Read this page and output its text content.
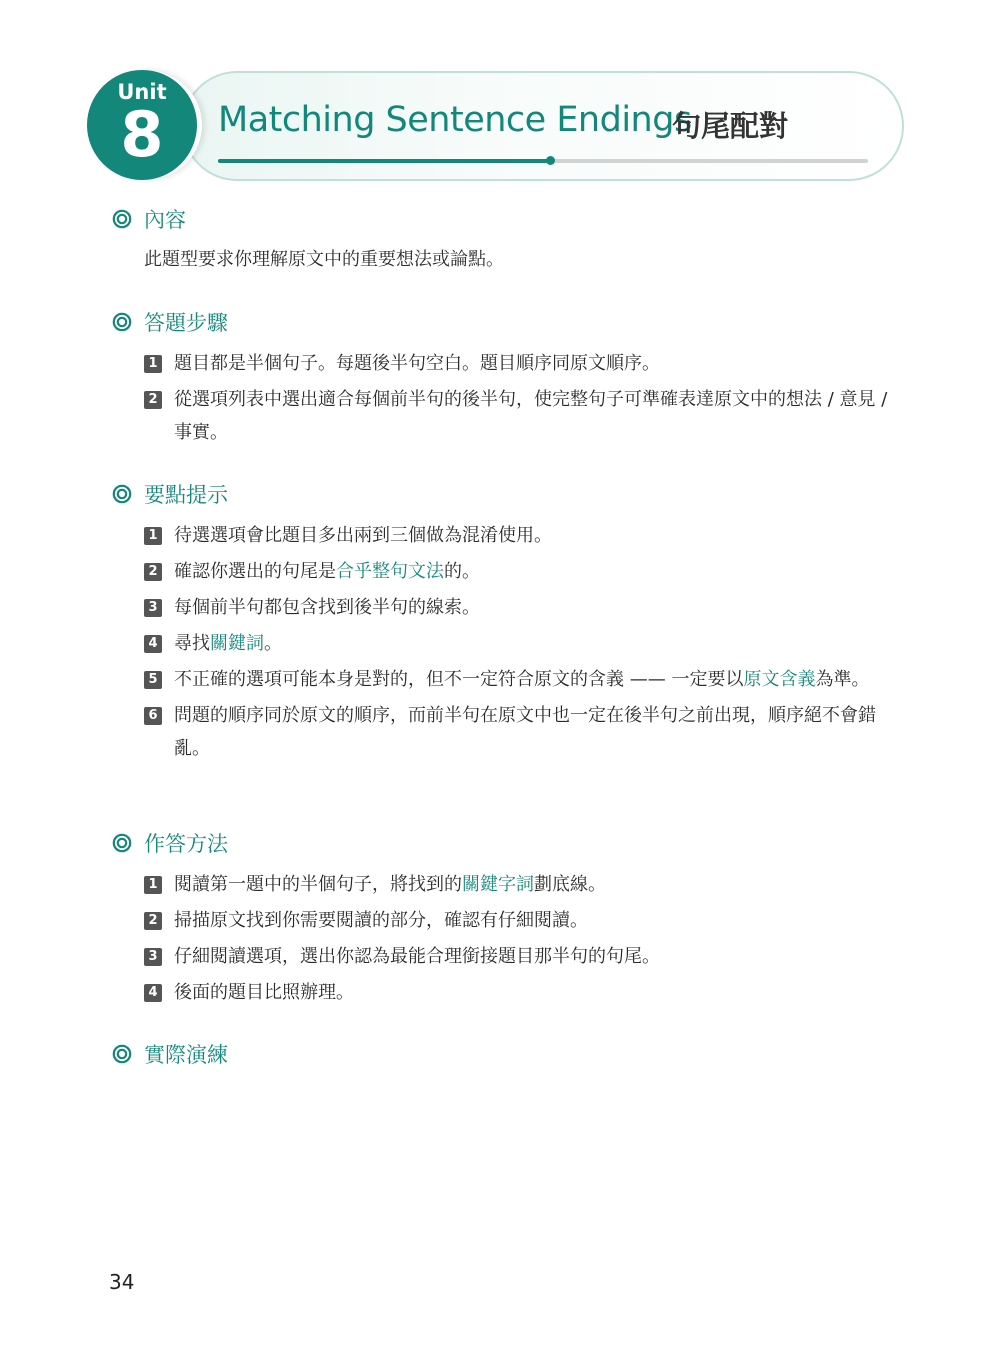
Matching Sentence Endings
句尾配對
Unit
8
內容
此題型要求你理解原文中的重要想法或論點。
答題步驟
1 題目都是半個句子。每題後半句空白。題目順序同原文順序。
2 從選項列表中選出適合每個前半句的後半句，使完整句子可準確表達原文中的想法 / 意見 / 事實。
要點提示
1 待選選項會比題目多出兩到三個做為混淆使用。
2 確認你選出的句尾是合乎整句文法的。
3 每個前半句都包含找到後半句的線索。
4 尋找關鍵詞。
5 不正確的選項可能本身是對的，但不一定符合原文的含義 —— 一定要以原文含義為準。
6 問題的順序同於原文的順序，而前半句在原文中也一定在後半句之前出現，順序絕不會錯亂。
作答方法
1 閱讀第一題中的半個句子，將找到的關鍵字詞劃底線。
2 掃描原文找到你需要閱讀的部分，確認有仔細閱讀。
3 仔細閱讀選項，選出你認為最能合理銜接題目那半句的句尾。
4 後面的題目比照辦理。
實際演練
34
